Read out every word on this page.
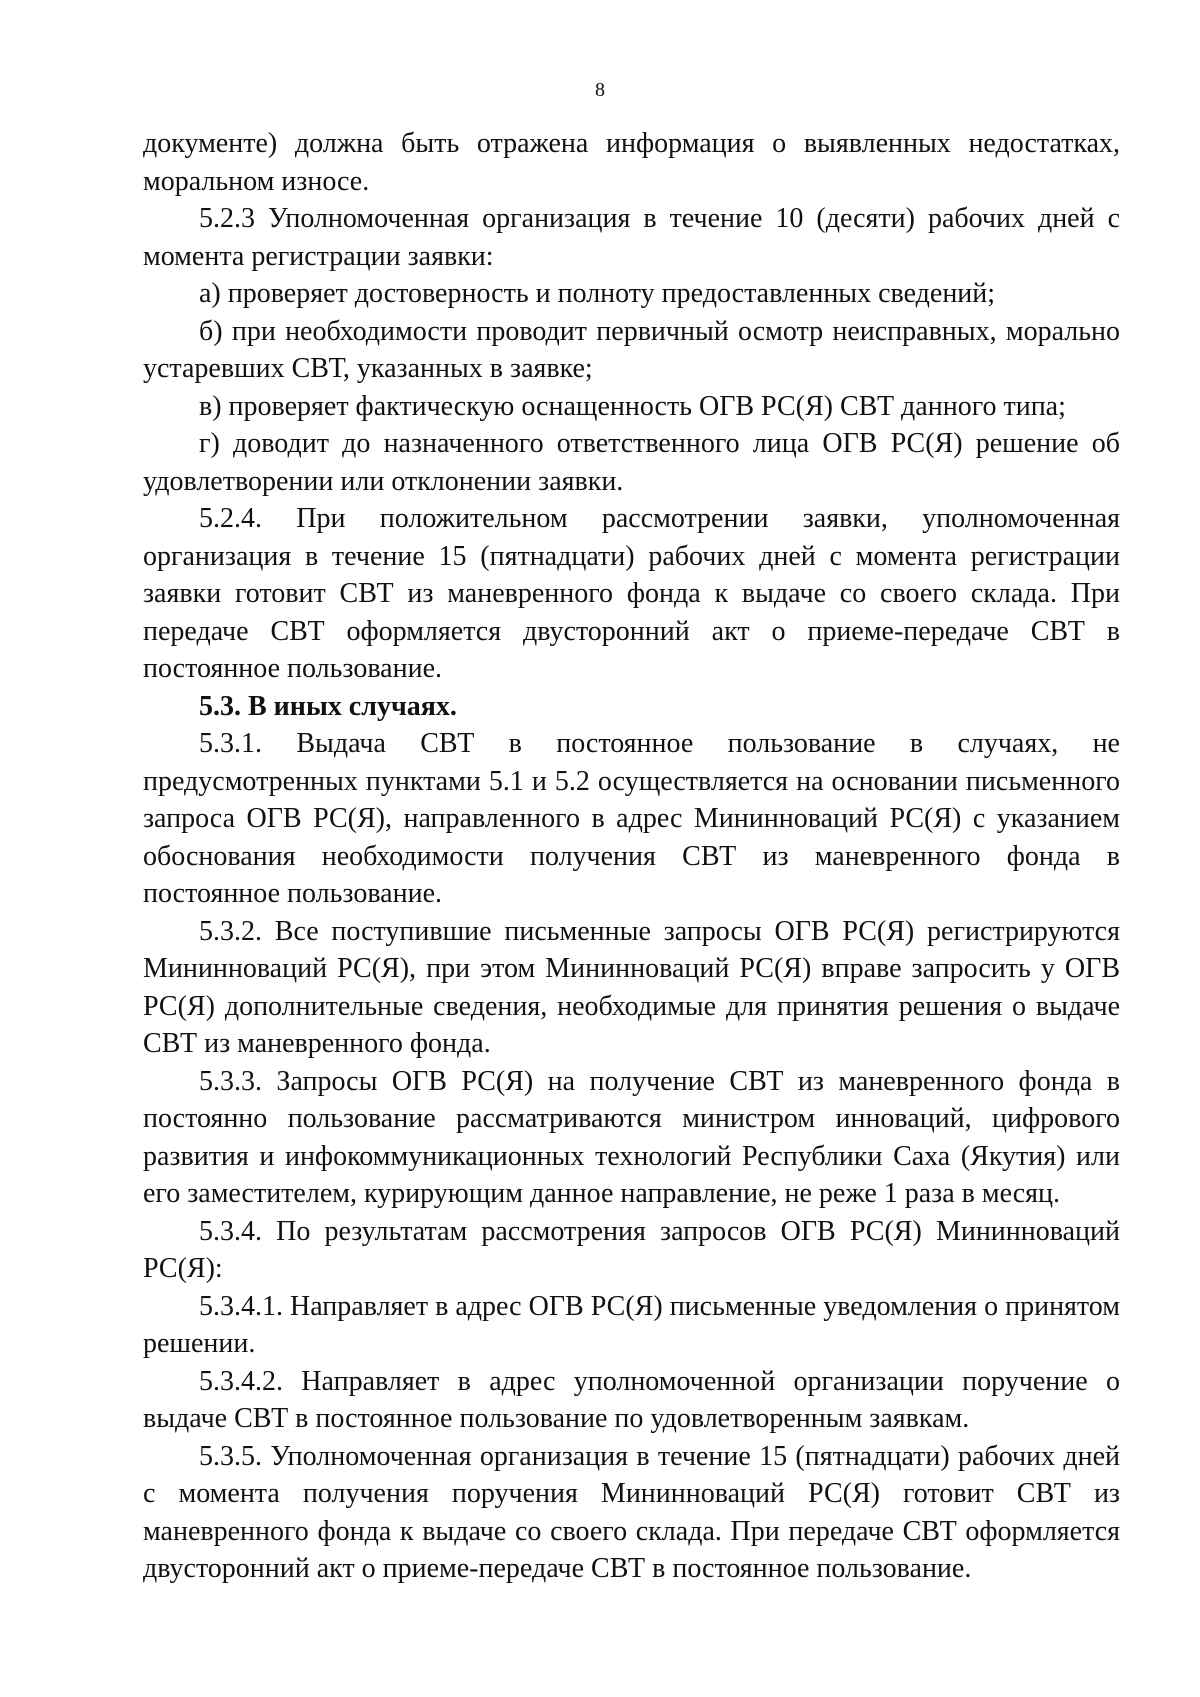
8

документе) должна быть отражена информация о выявленных недостатках, моральном износе.

5.2.3 Уполномоченная организация в течение 10 (десяти) рабочих дней с момента регистрации заявки:

а) проверяет достоверность и полноту предоставленных сведений;

б) при необходимости проводит первичный осмотр неисправных, морально устаревших СВТ, указанных в заявке;

в) проверяет фактическую оснащенность ОГВ РС(Я) СВТ данного типа;

г) доводит до назначенного ответственного лица ОГВ РС(Я) решение об удовлетворении или отклонении заявки.

5.2.4. При положительном рассмотрении заявки, уполномоченная организация в течение 15 (пятнадцати) рабочих дней с момента регистрации заявки готовит СВТ из маневренного фонда к выдаче со своего склада. При передаче СВТ оформляется двусторонний акт о приеме-передаче СВТ в постоянное пользование.

5.3. В иных случаях.

5.3.1. Выдача СВТ в постоянное пользование в случаях, не предусмотренных пунктами 5.1 и 5.2 осуществляется на основании письменного запроса ОГВ РС(Я), направленного в адрес Мининноваций РС(Я) с указанием обоснования необходимости получения СВТ из маневренного фонда в постоянное пользование.

5.3.2. Все поступившие письменные запросы ОГВ РС(Я) регистрируются Мининноваций РС(Я), при этом Мининноваций РС(Я) вправе запросить у ОГВ РС(Я) дополнительные сведения, необходимые для принятия решения о выдаче СВТ из маневренного фонда.

5.3.3. Запросы ОГВ РС(Я) на получение СВТ из маневренного фонда в постоянно пользование рассматриваются министром инноваций, цифрового развития и инфокоммуникационных технологий Республики Саха (Якутия) или его заместителем, курирующим данное направление, не реже 1 раза в месяц.

5.3.4. По результатам рассмотрения запросов ОГВ РС(Я) Мининноваций РС(Я):

5.3.4.1. Направляет в адрес ОГВ РС(Я) письменные уведомления о принятом решении.

5.3.4.2. Направляет в адрес уполномоченной организации поручение о выдаче СВТ в постоянное пользование по удовлетворенным заявкам.

5.3.5. Уполномоченная организация в течение 15 (пятнадцати) рабочих дней с момента получения поручения Мининноваций РС(Я) готовит СВТ из маневренного фонда к выдаче со своего склада. При передаче СВТ оформляется двусторонний акт о приеме-передаче СВТ в постоянное пользование.
